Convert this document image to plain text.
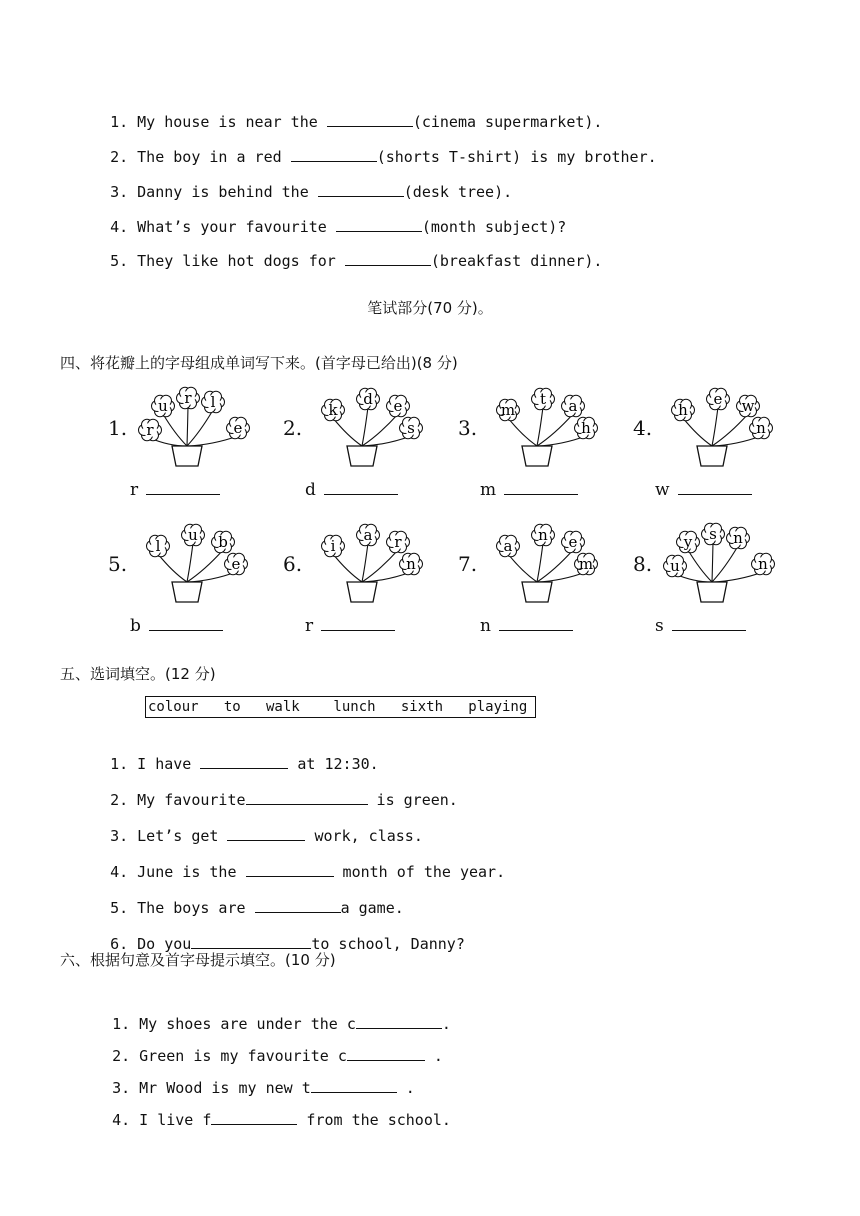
1. My house is near the	(cinema supermarket).

2. The boy in a red	(shorts T-shirt) is my brother.

3. Danny is behind the	(desk tree).

4. What’s your favourite	(month subject)?

5. They like hot dogs for	(breakfast dinner).

笔试部分(70 分)。
四、将花瓣上的字母组成单词写下来。(首字母已给出)(8 分)
1.
u r l
r	e
r
2.
k
d e
s
d
3.
m
t a
h
m
4.
h
e w
n
w
5.
l
u b
e
b
6.
i
a r
n
r
7.
a
n e
m
n
8.
y s n
u	n
s
五、选词填空。(12 分)
colour   to   walk    lunch   sixth   playing

1. I have	at 12:30.

2. My favourite	is green.

3. Let’s get	work, class.

4. June is the	month of the year.

5. The boys are	a game.

6. Do you	to school, Danny?

六、根据句意及首字母提示填空。(10 分)

1. My shoes are under the c	.

2. Green is my favourite c	.

3. Mr Wood is my new t	.

4. I live f	from the school.
